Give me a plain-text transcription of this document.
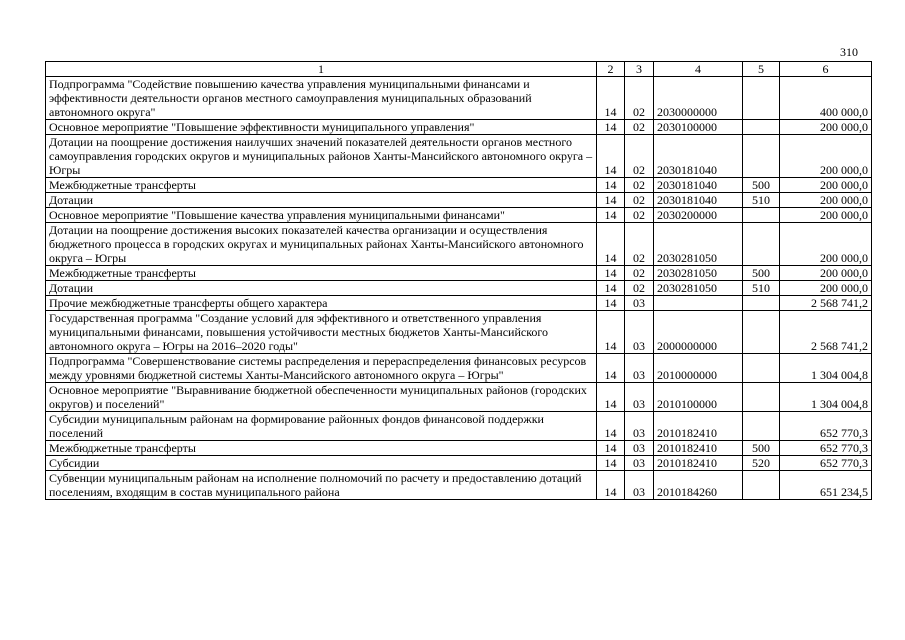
310
1	2	3	4	5	6
Подпрограмма "Содействие повышению качества управления муниципальными финансами и эффективности деятельности органов местного самоуправления муниципальных образований автономного округа"	14	02	2030000000		400 000,0
Основное мероприятие "Повышение эффективности муниципального управления"	14	02	2030100000		200 000,0
Дотации на поощрение достижения наилучших значений показателей деятельности органов местного самоуправления городских округов и муниципальных районов Ханты-Мансийского автономного округа – Югры	14	02	2030181040		200 000,0
Межбюджетные трансферты	14	02	2030181040	500	200 000,0
Дотации	14	02	2030181040	510	200 000,0
Основное мероприятие "Повышение качества управления муниципальными финансами"	14	02	2030200000		200 000,0
Дотации на поощрение достижения высоких показателей качества организации и осуществления бюджетного процесса в городских округах и муниципальных районах Ханты-Мансийского автономного округа – Югры	14	02	2030281050		200 000,0
Межбюджетные трансферты	14	02	2030281050	500	200 000,0
Дотации	14	02	2030281050	510	200 000,0
Прочие межбюджетные трансферты общего характера	14	03			2 568 741,2
Государственная программа "Создание условий для эффективного и ответственного управления муниципальными финансами, повышения устойчивости местных бюджетов Ханты-Мансийского автономного округа – Югры на 2016–2020 годы"	14	03	2000000000		2 568 741,2
Подпрограмма "Совершенствование системы распределения и перераспределения финансовых ресурсов между уровнями бюджетной системы Ханты-Мансийского автономного округа – Югры"	14	03	2010000000		1 304 004,8
Основное мероприятие "Выравнивание бюджетной обеспеченности муниципальных районов (городских округов) и поселений"	14	03	2010100000		1 304 004,8
Субсидии муниципальным районам на формирование районных фондов финансовой поддержки поселений	14	03	2010182410		652 770,3
Межбюджетные трансферты	14	03	2010182410	500	652 770,3
Субсидии	14	03	2010182410	520	652 770,3
Субвенции муниципальным районам на исполнение полномочий по расчету и предоставлению дотаций поселениям, входящим в состав муниципального района	14	03	2010184260		651 234,5
